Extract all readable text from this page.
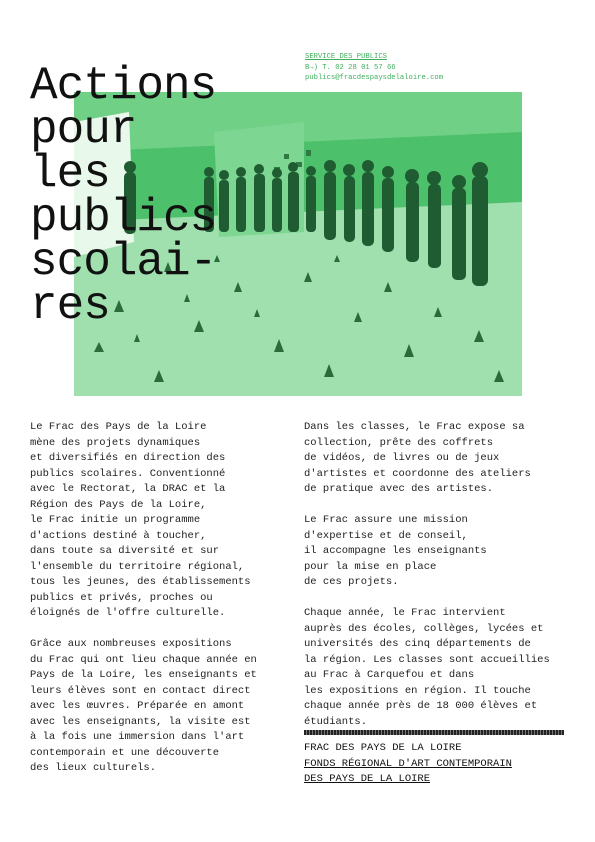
Actions
pour
les
publics
scolai-
res
SERVICE DES PUBLICS
B→) T. 02 28 01 57 66
publics@fracdespaysdelaloire.com

Le Frac des Pays de la Loire
mène des projets dynamiques
et diversifiés en direction des
publics scolaires. Conventionné
avec le Rectorat, la DRAC et la
Région des Pays de la Loire,
le Frac initie un programme
d'actions destiné à toucher,
dans toute sa diversité et sur
l'ensemble du territoire régional,
tous les jeunes, des établissements
publics et privés, proches ou
éloignés de l'offre culturelle.

Grâce aux nombreuses expositions
du Frac qui ont lieu chaque année en
Pays de la Loire, les enseignants et
leurs élèves sont en contact direct
avec les œuvres. Préparée en amont
avec les enseignants, la visite est
à la fois une immersion dans l'art
contemporain et une découverte
des lieux culturels.

Dans les classes, le Frac expose sa
collection, prête des coffrets
de vidéos, de livres ou de jeux
d'artistes et coordonne des ateliers
de pratique avec des artistes.

Le Frac assure une mission
d'expertise et de conseil,
il accompagne les enseignants
pour la mise en place
de ces projets.

Chaque année, le Frac intervient
auprès des écoles, collèges, lycées et
universités des cinq départements de
la région. Les classes sont accueillies
au Frac à Carquefou et dans
les expositions en région. Il touche
chaque année près de 18 000 élèves et
étudiants.

FRAC DES PAYS DE LA LOIRE
FONDS RÉGIONAL D'ART CONTEMPORAIN
DES PAYS DE LA LOIRE
